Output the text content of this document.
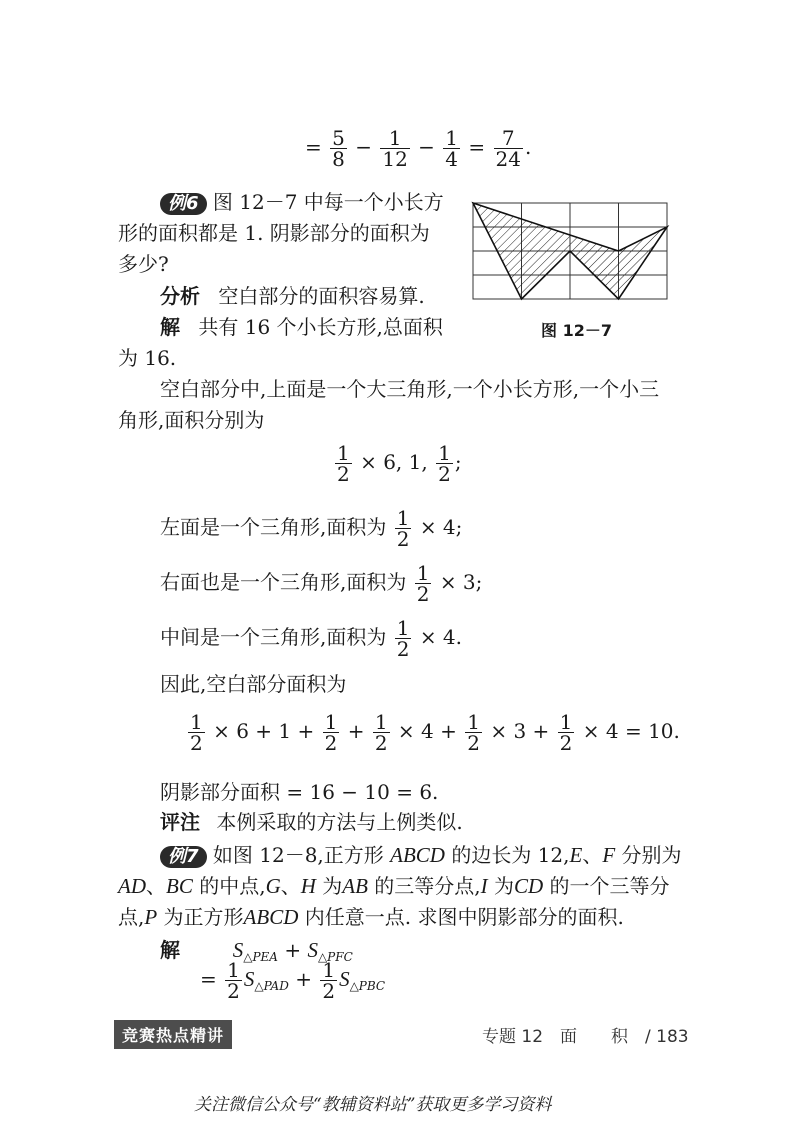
= $\frac{5}{8} - \frac{1}{12} - \frac{1}{4} = \frac{7}{24}$ .
例6 图 12－7 中每一个小长方
形的面积都是 1. 阴影部分的面积为
多少?
分析 空白部分的面积容易算.
解 共有 16 个小长方形,总面积
为 16.
图 12－7
空白部分中,上面是一个大三角形,一个小长方形,一个小三
角形,面积分别为
$\frac{1}{2} \times 6$, 1, $\frac{1}{2}$ ;
左面是一个三角形,面积为 $\frac{1}{2} \times 4$;
右面也是一个三角形,面积为 $\frac{1}{2} \times 3$;
中间是一个三角形,面积为 $\frac{1}{2} \times 4$.
因此,空白部分面积为
$\frac{1}{2} \times 6 + 1 + \frac{1}{2} + \frac{1}{2} \times 4 + \frac{1}{2} \times 3 + \frac{1}{2} \times 4 = 10$.
阴影部分面积 = 16 − 10 = 6.
评注 本例采取的方法与上例类似.
例7 如图 12－8,正方形 ABCD 的边长为 12,E、F 分别为
AD、BC 的中点,G、H 为AB 的三等分点,I 为CD 的一个三等分
点,P 为正方形ABCD 内任意一点. 求图中阴影部分的面积.
解	$S_{\triangle PEA} + S_{\triangle PFC}$
= $\frac{1}{2} S_{\triangle PAD} + \frac{1}{2} S_{\triangle PBC}$
竞赛热点精讲	专题 12　面　　积　/ 183
关注微信公众号“教辅资料站”获取更多学习资料
